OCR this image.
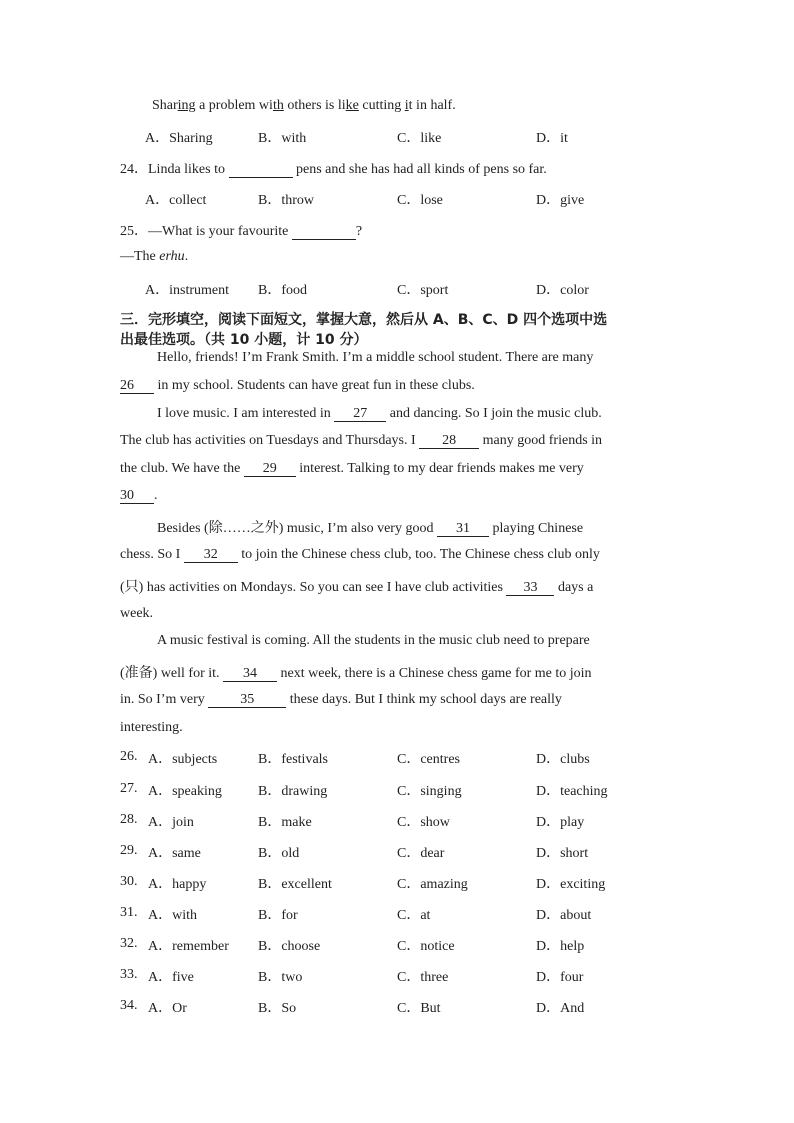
Sharing a problem with others is like cutting it in half.
A．Sharing	B．with	C．like	D．it
24．Linda likes to	pens and she has had all kinds of pens so far.
A．collect	B．throw	C．lose	D．give
25．—What is your favourite	?
—The erhu.
A．instrument B．food	C．sport	D．color
三．完形填空，阅读下面短文，掌握大意，然后从 A、B、C、D 四个选项中选
出最佳选项。（共 10 小题，计 10 分）
Hello, friends! I’m Frank Smith. I’m a middle school student. There are many
26 in my school. Students can have great fun in these clubs.
I love music. I am interested in 27 and dancing. So I join the music club.
The club has activities on Tuesdays and Thursdays. I 28 many good friends in
the club. We have the 29 interest. Talking to my dear friends makes me very
30 .
Besides (除……之外) music, I’m also very good 31 playing Chinese
chess. So I 32 to join the Chinese chess club, too. The Chinese chess club only
(只) has activities on Mondays. So you can see I have club activities 33 days a
week.
A music festival is coming. All the students in the music club need to prepare
(准备) well for it. 34 next week, there is a Chinese chess game for me to join
in. So I’m very 35 these days. But I think my school days are really
interesting.
26. A．subjects	B．festivals	C．centres	D．clubs
27. A．speaking	B．drawing	C．singing	D．teaching
28. A．join	B．make	C．show	D．play
29. A．same	B．old	C．dear	D．short
30. A．happy	B．excellent	C．amazing	D．exciting
31. A．with	B．for	C．at	D．about
32. A．remember B．choose	C．notice	D．help
33. A．five	B．two	C．three	D．four
34. A．Or	B．So	C．But	D．And
